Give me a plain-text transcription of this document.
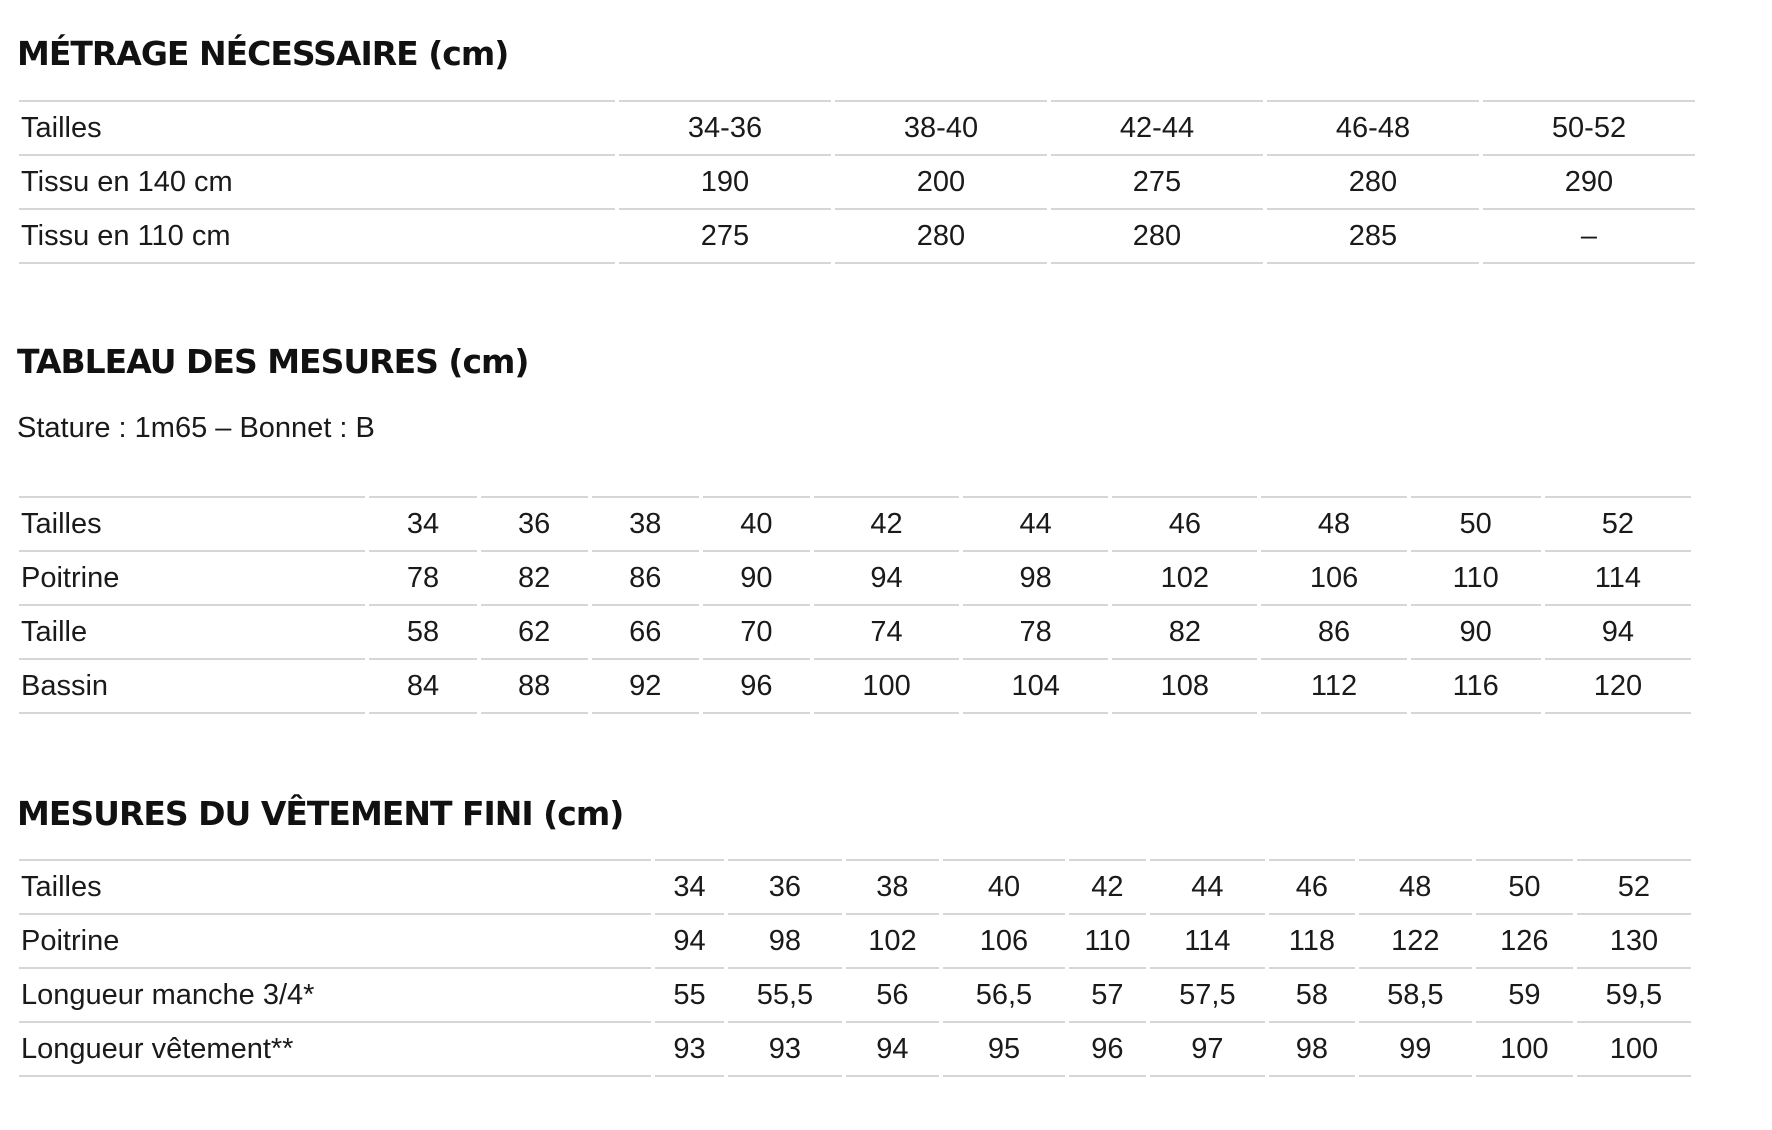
MÉTRAGE NÉCESSAIRE (cm)
Tailles	34-36	38-40	42-44	46-48	50-52
Tissu en 140 cm	190	200	275	280	290
Tissu en 110 cm	275	280	280	285	–
TABLEAU DES MESURES (cm)

Stature : 1m65 – Bonnet : B

Tailles	34	36	38	40	42	44	46	48	50	52
Poitrine	78	82	86	90	94	98	102	106	110	114
Taille	58	62	66	70	74	78	82	86	90	94
Bassin	84	88	92	96	100	104	108	112	116	120
MESURES DU VÊTEMENT FINI (cm)
Tailles	34	36	38	40	42	44	46	48	50	52
Poitrine	94	98	102	106	110	114	118	122	126	130
Longueur manche 3/4*	55	55,5	56	56,5	57	57,5	58	58,5	59	59,5
Longueur vêtement**	93	93	94	95	96	97	98	99	100	100
